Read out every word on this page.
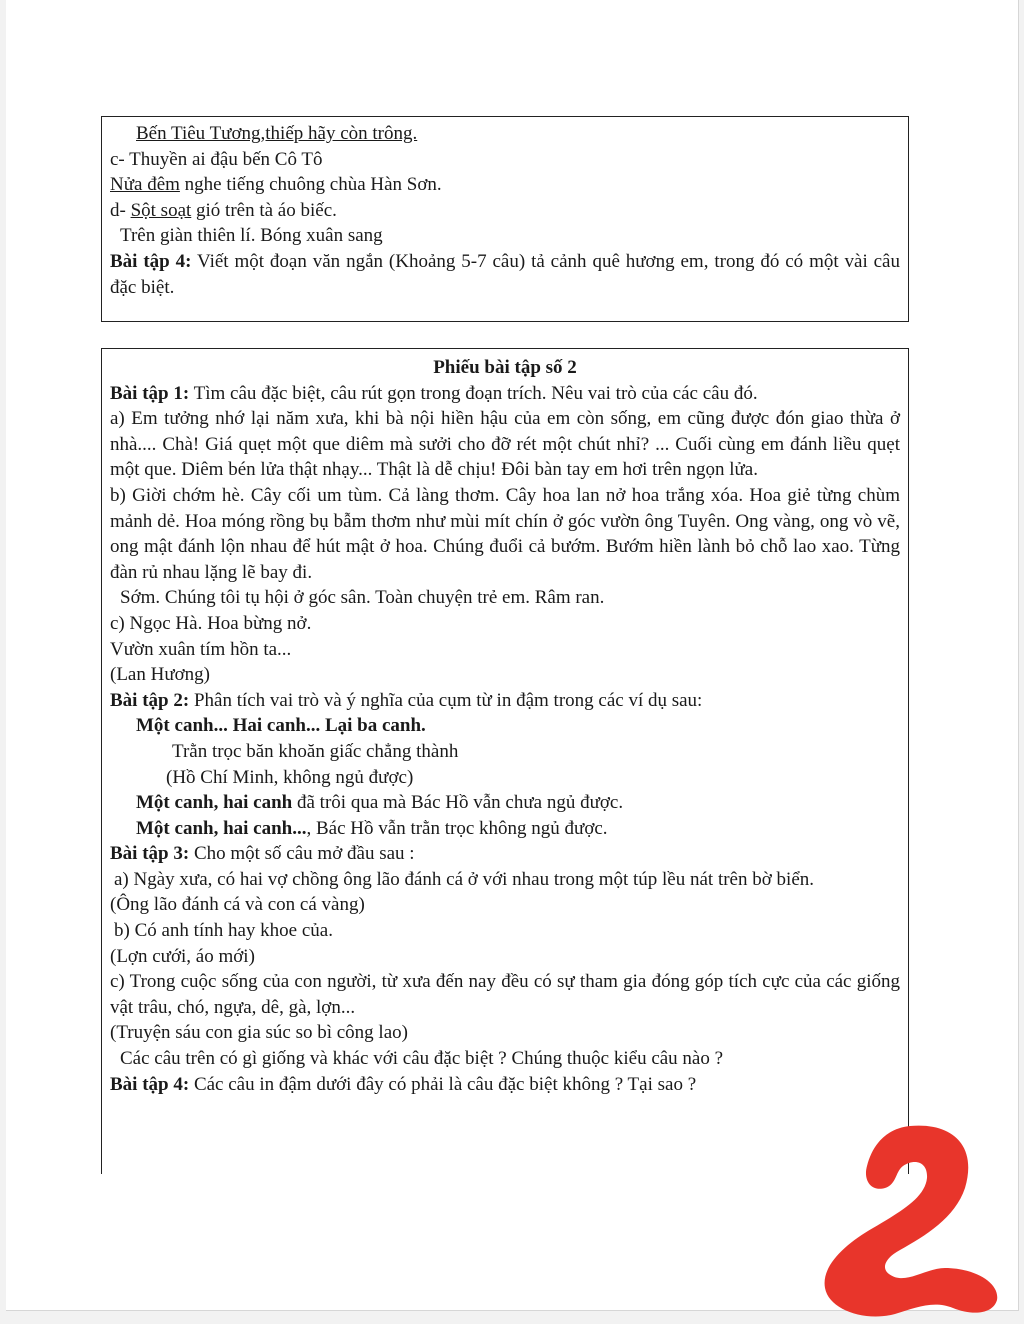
Bến Tiêu Tương,thiếp hãy còn trông.
c- Thuyền ai đậu bến Cô Tô
Nửa đêm nghe tiếng chuông chùa Hàn Sơn.
d- Sột soạt gió trên tà áo biếc.
Trên giàn thiên lí. Bóng xuân sang
Bài tập 4: Viết một đoạn văn ngắn (Khoảng 5-7 câu) tả cảnh quê hương em, trong đó có một vài câu đặc biệt.
Phiếu bài tập số 2
Bài tập 1: Tìm câu đặc biệt, câu rút gọn trong đoạn trích. Nêu vai trò của các câu đó.
a) Em tưởng nhớ lại năm xưa, khi bà nội hiền hậu của em còn sống, em cũng được đón giao thừa ở nhà.... Chà! Giá quẹt một que diêm mà sưởi cho đỡ rét một chút nhỉ? ... Cuối cùng em đánh liều quẹt một que. Diêm bén lửa thật nhạy... Thật là dễ chịu! Đôi bàn tay em hơi trên ngọn lửa.
b) Giời chớm hè. Cây cối um tùm. Cả làng thơm. Cây hoa lan nở hoa trắng xóa. Hoa giẻ từng chùm mảnh dẻ. Hoa móng rồng bụ bẫm thơm như mùi mít chín ở góc vườn ông Tuyên. Ong vàng, ong vò vẽ, ong mật đánh lộn nhau để hút mật ở hoa. Chúng đuổi cả bướm. Bướm hiền lành bỏ chỗ lao xao. Từng đàn rủ nhau lặng lẽ bay đi.
Sớm. Chúng tôi tụ hội ở góc sân. Toàn chuyện trẻ em. Râm ran.
c) Ngọc Hà. Hoa bừng nở.
Vườn xuân tím hồn ta...
(Lan Hương)
Bài tập 2: Phân tích vai trò và ý nghĩa của cụm từ in đậm trong các ví dụ sau:
Một canh... Hai canh... Lại ba canh.
Trằn trọc băn khoăn giấc chẳng thành
(Hồ Chí Minh, không ngủ được)
Một canh, hai canh đã trôi qua mà Bác Hồ vẫn chưa ngủ được.
Một canh, hai canh..., Bác Hồ vẫn trằn trọc không ngủ được.
Bài tập 3: Cho một số câu mở đầu sau :
a) Ngày xưa, có hai vợ chồng ông lão đánh cá ở với nhau trong một túp lều nát trên bờ biển.
(Ông lão đánh cá và con cá vàng)
b) Có anh tính hay khoe của.
(Lợn cưới, áo mới)
c) Trong cuộc sống của con người, từ xưa đến nay đều có sự tham gia đóng góp tích cực của các giống vật trâu, chó, ngựa, dê, gà, lợn...
(Truyện sáu con gia súc so bì công lao)
Các câu trên có gì giống và khác với câu đặc biệt ? Chúng thuộc kiểu câu nào ?
Bài tập 4: Các câu in đậm dưới đây có phải là câu đặc biệt không ? Tại sao ?
